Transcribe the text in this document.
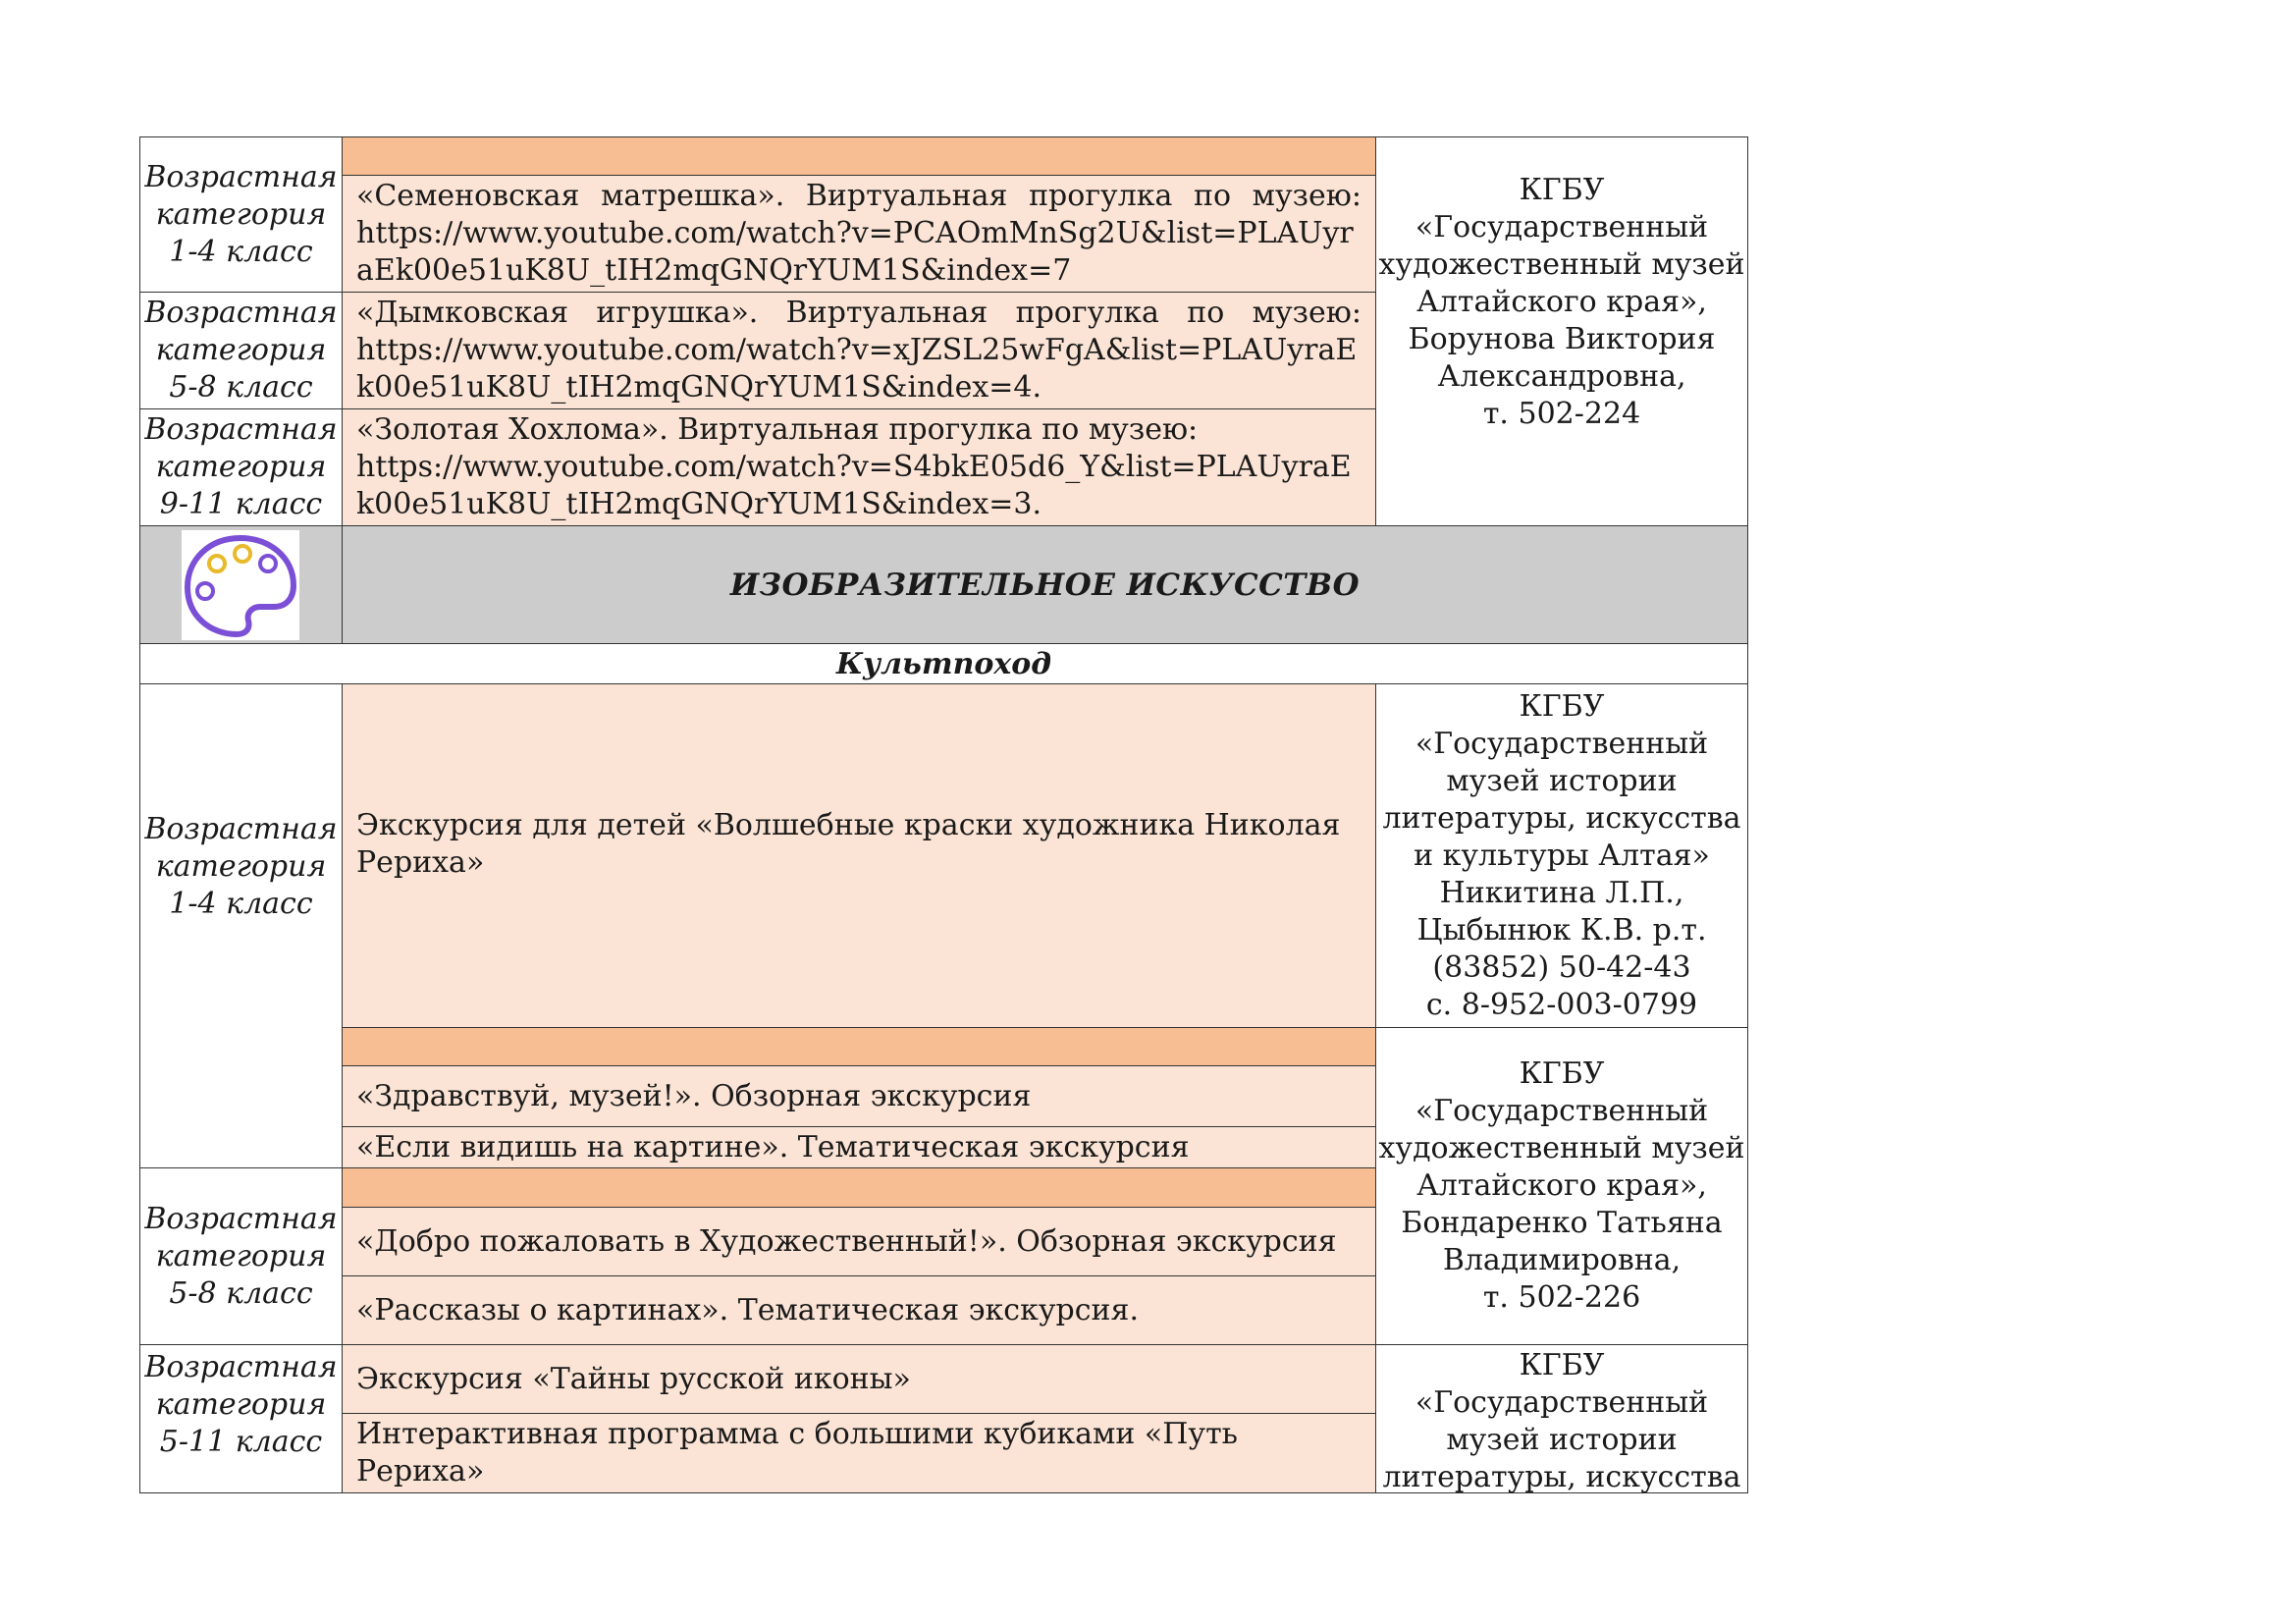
Возрастная
категория
1-4 класс
Возрастная
категория
5-8 класс
Возрастная
категория
9-11 класс
«Семеновская матрешка». Виртуальная прогулка по музею:
https://www.youtube.com/watch?v=PCAOmMnSg2U&list=PLAUyraEk00e51uK8U_tIH2mqGNQrYUM1S&index=7
«Дымковская игрушка». Виртуальная прогулка по музею:
https://www.youtube.com/watch?v=xJZSL25wFgA&list=PLAUyraEk00e51uK8U_tIH2mqGNQrYUM1S&index=4.
«Золотая Хохлома». Виртуальная прогулка по музею:
https://www.youtube.com/watch?v=S4bkE05d6_Y&list=PLAUyraEk00e51uK8U_tIH2mqGNQrYUM1S&index=3.
КГБУ
«Государственный
художественный музей
Алтайского края»,
Борунова Виктория
Александровна,
т. 502-224
ИЗОБРАЗИТЕЛЬНОЕ ИСКУССТВО
Культпоход
Возрастная
категория
1-4 класс
Возрастная
категория
5-8 класс
Возрастная
категория
5-11 класс
Экскурсия для детей «Волшебные краски художника Николая Рериха»
«Здравствуй, музей!». Обзорная экскурсия
«Если видишь на картине». Тематическая экскурсия
«Добро пожаловать в Художественный!». Обзорная экскурсия
«Рассказы о картинах». Тематическая экскурсия.
Экскурсия «Тайны русской иконы»
Интерактивная программа с большими кубиками «Путь Рериха»
КГБУ
«Государственный
музей истории
литературы, искусства
и культуры Алтая»
Никитина Л.П.,
Цыбынюк К.В. р.т.
(83852) 50-42-43
с. 8-952-003-0799
КГБУ
«Государственный
художественный музей
Алтайского края»,
Бондаренко Татьяна
Владимировна,
т. 502-226
КГБУ
«Государственный
музей истории
литературы, искусства
